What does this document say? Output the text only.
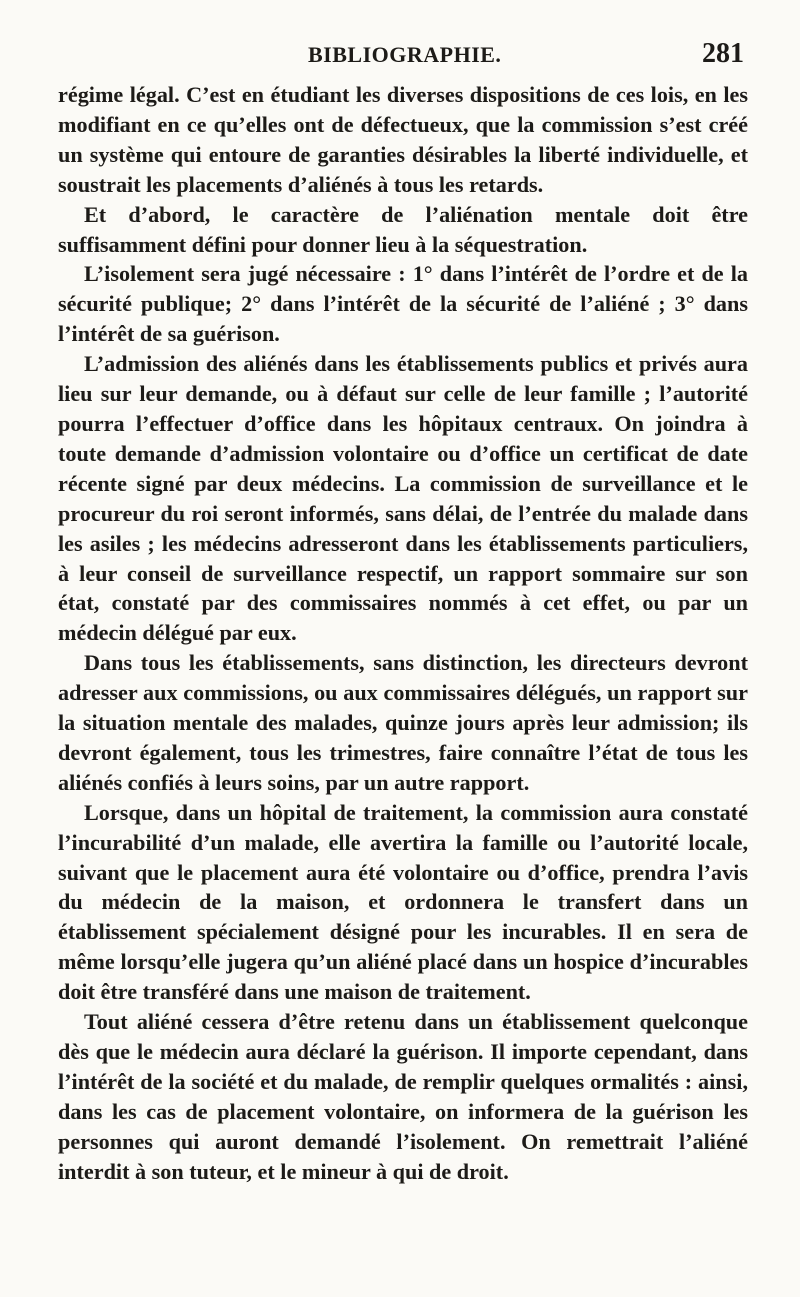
BIBLIOGRAPHIE.	281

régime légal. C’est en étudiant les diverses dispositions de ces lois, en les modifiant en ce qu’elles ont de défectueux, que la commission s’est créé un système qui entoure de garanties désirables la liberté individuelle, et soustrait les placements d’aliénés à tous les retards.

Et d’abord, le caractère de l’aliénation mentale doit être suffisamment défini pour donner lieu à la séquestration.

L’isolement sera jugé nécessaire : 1° dans l’intérêt de l’ordre et de la sécurité publique; 2° dans l’intérêt de la sécurité de l’aliéné ; 3° dans l’intérêt de sa guérison.

L’admission des aliénés dans les établissements publics et privés aura lieu sur leur demande, ou à défaut sur celle de leur famille ; l’autorité pourra l’effectuer d’office dans les hôpitaux centraux. On joindra à toute demande d’admission volontaire ou d’office un certificat de date récente signé par deux médecins. La commission de surveillance et le procureur du roi seront informés, sans délai, de l’entrée du malade dans les asiles ; les médecins adresseront dans les établissements particuliers, à leur conseil de surveillance respectif, un rapport sommaire sur son état, constaté par des commissaires nommés à cet effet, ou par un médecin délégué par eux.

Dans tous les établissements, sans distinction, les directeurs devront adresser aux commissions, ou aux commissaires délégués, un rapport sur la situation mentale des malades, quinze jours après leur admission; ils devront également, tous les trimestres, faire connaître l’état de tous les aliénés confiés à leurs soins, par un autre rapport.

Lorsque, dans un hôpital de traitement, la commission aura constaté l’incurabilité d’un malade, elle avertira la famille ou l’autorité locale, suivant que le placement aura été volontaire ou d’office, prendra l’avis du médecin de la maison, et ordonnera le transfert dans un établissement spécialement désigné pour les incurables. Il en sera de même lorsqu’elle jugera qu’un aliéné placé dans un hospice d’incurables doit être transféré dans une maison de traitement.

Tout aliéné cessera d’être retenu dans un établissement quelconque dès que le médecin aura déclaré la guérison. Il importe cependant, dans l’intérêt de la société et du malade, de remplir quelques ormalités : ainsi, dans les cas de placement volontaire, on informera de la guérison les personnes qui auront demandé l’isolement. On remettrait l’aliéné interdit à son tuteur, et le mineur à qui de droit.
